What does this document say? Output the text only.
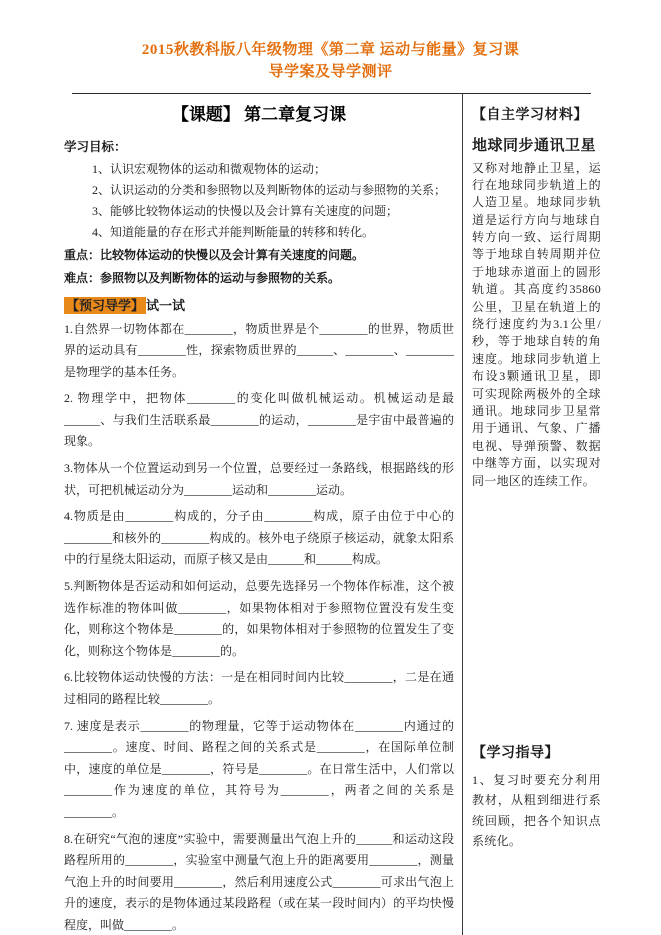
2015秋教科版八年级物理《第二章 运动与能量》复习课
导学案及导学测评
【课题】 第二章复习课
学习目标：
1、认识宏观物体的运动和微观物体的运动；
2、认识运动的分类和参照物以及判断物体的运动与参照物的关系；
3、能够比较物体运动的快慢以及会计算有关速度的问题；
4、知道能量的存在形式并能判断能量的转移和转化。
重点：比较物体运动的快慢以及会计算有关速度的问题。
难点：参照物以及判断物体的运动与参照物的关系。
【预习导学】 试一试

1.自然界一切物体都在________，物质世界是个________的世界，物质世界的运动具有________性，探索物质世界的______、________、________是物理学的基本任务。

2. 物理学中，把物体________的变化叫做机械运动。机械运动是最______、与我们生活联系最________的运动，________是宇宙中最普遍的现象。

3.物体从一个位置运动到另一个位置，总要经过一条路线，根据路线的形状，可把机械运动分为________运动和________运动。

4.物质是由________构成的，分子由________构成，原子由位于中心的________和核外的________构成的。核外电子绕原子核运动，就象太阳系中的行星绕太阳运动，而原子核又是由______和______构成。

5.判断物体是否运动和如何运动，总要先选择另一个物体作标准，这个被选作标准的物体叫做________，如果物体相对于参照物位置没有发生变化，则称这个物体是________的，如果物体相对于参照物的位置发生了变化，则称这个物体是________的。

6.比较物体运动快慢的方法：一是在相同时间内比较________，二是在通过相同的路程比较________。

7. 速度是表示________的物理量，它等于运动物体在________内通过的________。速度、时间、路程之间的关系式是________，在国际单位制中，速度的单位是________，符号是________。在日常生活中，人们常以________作为速度的单位，其符号为________，两者之间的关系是________。

8.在研究“气泡的速度”实验中，需要测量出气泡上升的______和运动这段路程所用的________，实验室中测量气泡上升的距离要用________，测量气泡上升的时间要用________，然后利用速度公式________可求出气泡上升的速度，表示的是物体通过某段路程（或在某一段时间内）的平均快慢程度，叫做________。

【自主学习材料】
地球同步通讯卫星
又称对地静止卫星，运行在地球同步轨道上的人造卫星。地球同步轨道是运行方向与地球自转方向一致、运行周期等于地球自转周期并位于地球赤道面上的圆形轨道。其高度约35860公里，卫星在轨道上的绕行速度约为3.1公里/秒，等于地球自转的角速度。地球同步轨道上布设3颗通讯卫星，即可实现除两极外的全球通讯。地球同步卫星常用于通讯、气象、广播电视、导弹预警、数据中继等方面，以实现对同一地区的连续工作。
【学习指导】
1、复习时要充分利用教材，从粗到细进行系统回顾，把各个知识点系统化。
